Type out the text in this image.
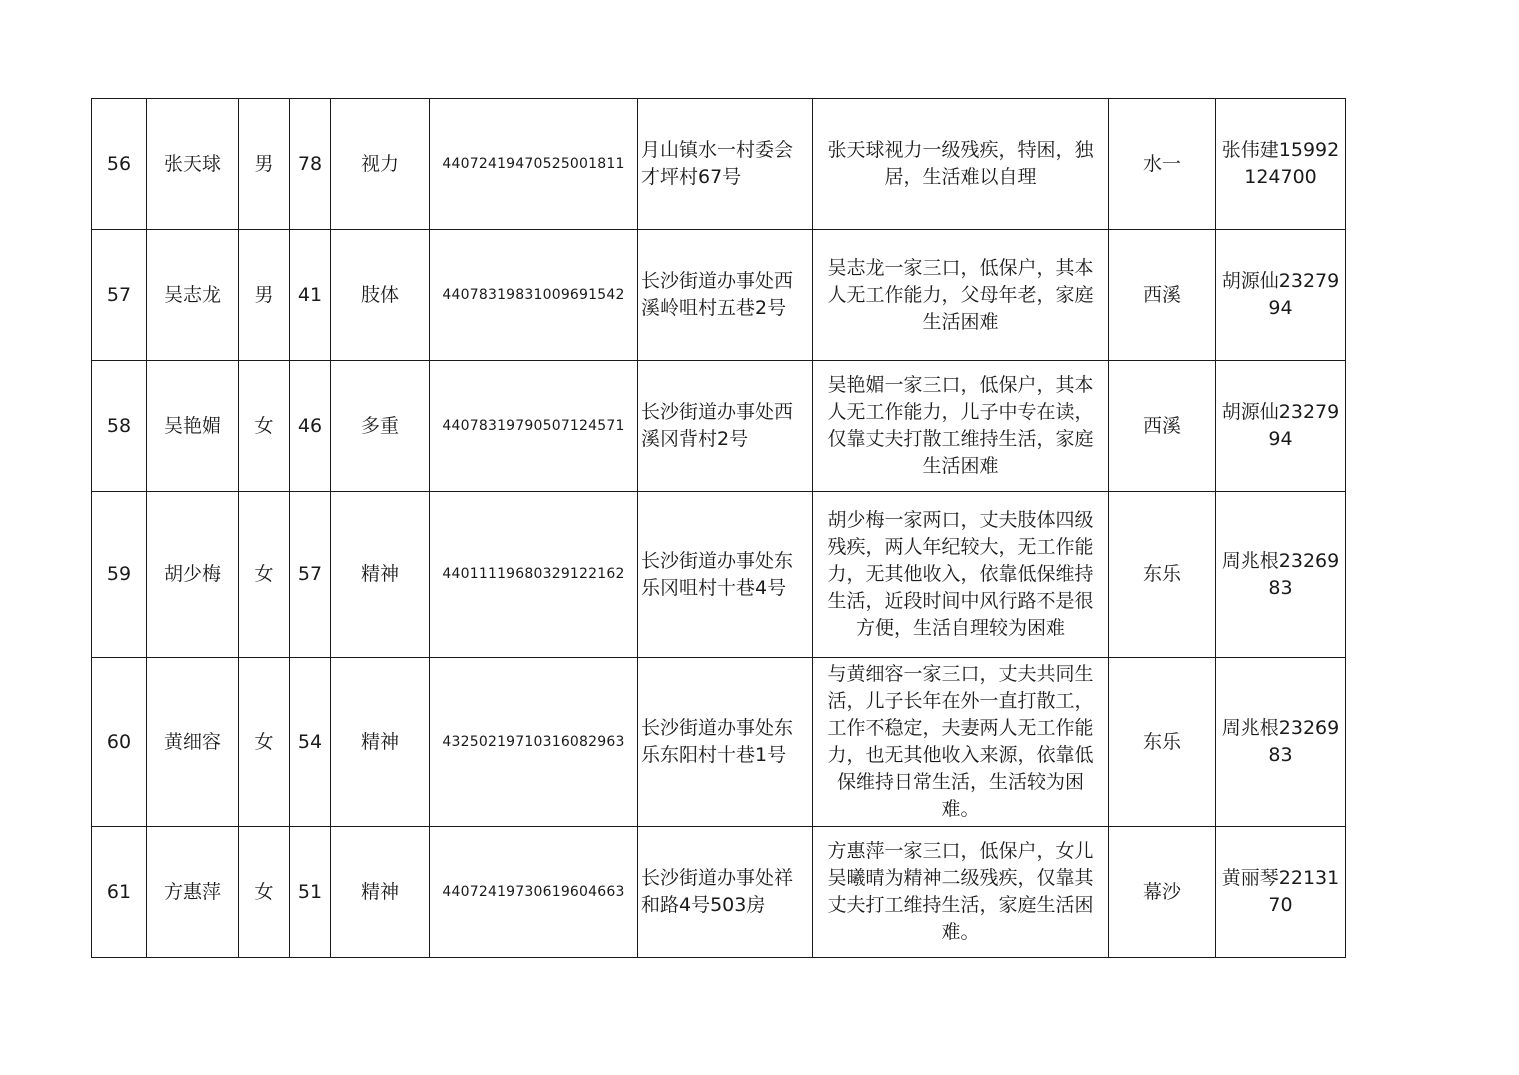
56	张天球	男	78	视力	440724194705250018​11	月山镇水一村委会才坪村67号	张天球视力一级残疾，特困，独居，生活难以自理	水一	张伟建15992124700
57	吴志龙	男	41	肢体	440783198310096915​42	长沙街道办事处西溪岭咀村五巷2号	吴志龙一家三口，低保户，其本人无工作能力，父母年老，家庭生活困难	西溪	胡源仙2327994
58	吴艳媚	女	46	多重	440783197905071245​71	长沙街道办事处西溪冈背村2号	吴艳媚一家三口，低保户，其本人无工作能力，儿子中专在读，仅靠丈夫打散工维持生活，家庭生活困难	西溪	胡源仙2327994
59	胡少梅	女	57	精神	440111196803291221​62	长沙街道办事处东乐冈咀村十巷4号	胡少梅一家两口，丈夫肢体四级残疾，两人年纪较大，无工作能力，无其他收入，依靠低保维持生活，近段时间中风行路不是很方便，生活自理较为困难	东乐	周兆根2326983
60	黄细容	女	54	精神	432502197103160829​63	长沙街道办事处东乐东阳村十巷1号	与黄细容一家三口，丈夫共同生活，儿子长年在外一直打散工，工作不稳定，夫妻两人无工作能力，也无其他收入来源，依靠低保维持日常生活，生活较为困难。	东乐	周兆根2326983
61	方惠萍	女	51	精神	440724197306196046​63	长沙街道办事处祥和路4号503房	方惠萍一家三口，低保户，女儿吴曦晴为精神二级残疾，仅靠其丈夫打工维持生活，家庭生活困难。	幕沙	黄丽琴2213170
